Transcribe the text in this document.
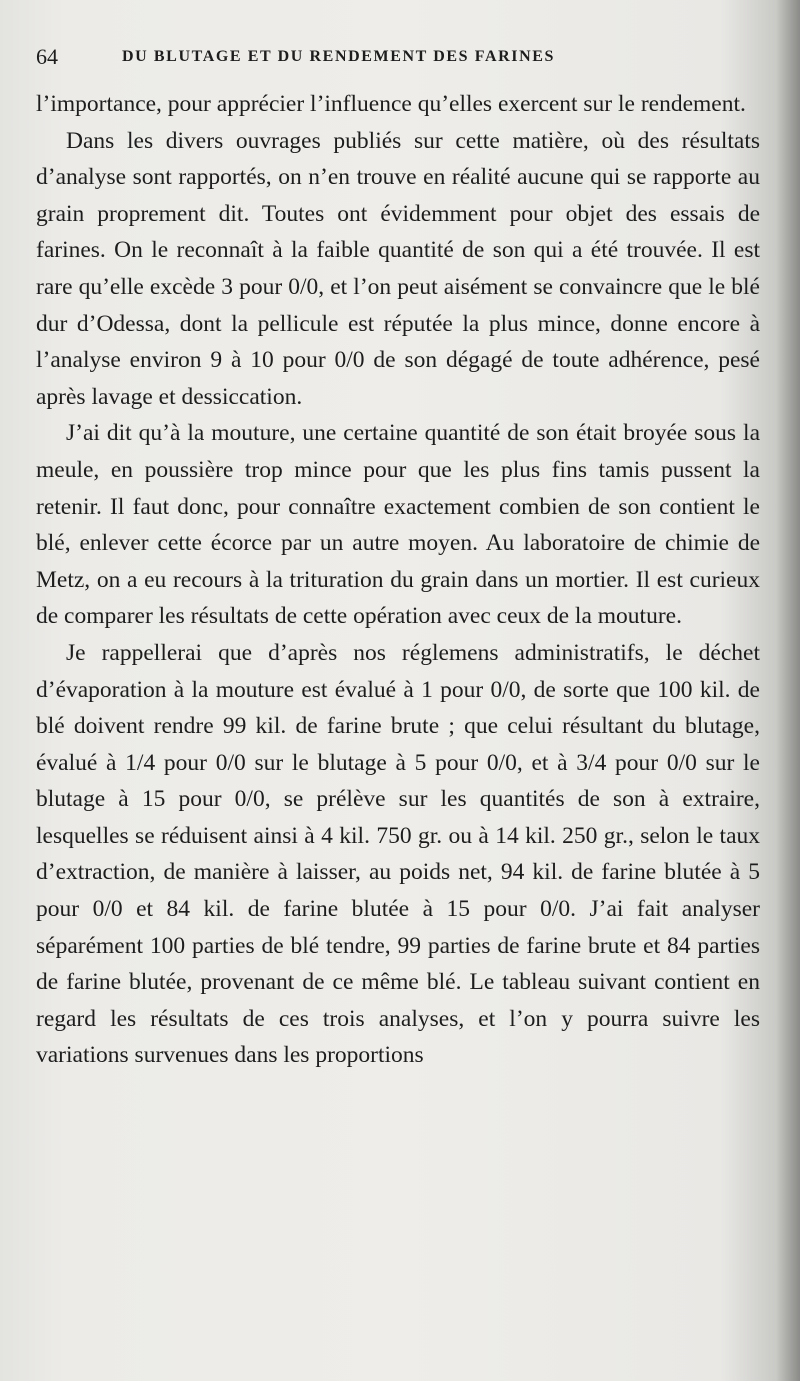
64	DU BLUTAGE ET DU RENDEMENT DES FARINES

l’importance, pour apprécier l’influence qu’elles exercent sur le rendement.

Dans les divers ouvrages publiés sur cette matière, où des résultats d’analyse sont rapportés, on n’en trouve en réalité aucune qui se rapporte au grain proprement dit. Toutes ont évidemment pour objet des essais de farines. On le reconnaît à la faible quantité de son qui a été trouvée. Il est rare qu’elle excède 3 pour 0/0, et l’on peut aisément se convaincre que le blé dur d’Odessa, dont la pellicule est réputée la plus mince, donne encore à l’analyse environ 9 à 10 pour 0/0 de son dégagé de toute adhérence, pesé après lavage et dessiccation.

J’ai dit qu’à la mouture, une certaine quantité de son était broyée sous la meule, en poussière trop mince pour que les plus fins tamis pussent la retenir. Il faut donc, pour connaître exactement combien de son contient le blé, enlever cette écorce par un autre moyen. Au laboratoire de chimie de Metz, on a eu recours à la trituration du grain dans un mortier. Il est curieux de comparer les résultats de cette opération avec ceux de la mouture.

Je rappellerai que d’après nos réglemens administratifs, le déchet d’évaporation à la mouture est évalué à 1 pour 0/0, de sorte que 100 kil. de blé doivent rendre 99 kil. de farine brute ; que celui résultant du blutage, évalué à 1/4 pour 0/0 sur le blutage à 5 pour 0/0, et à 3/4 pour 0/0 sur le blutage à 15 pour 0/0, se prélève sur les quantités de son à extraire, lesquelles se réduisent ainsi à 4 kil. 750 gr. ou à 14 kil. 250 gr., selon le taux d’extraction, de manière à laisser, au poids net, 94 kil. de farine blutée à 5 pour 0/0 et 84 kil. de farine blutée à 15 pour 0/0. J’ai fait analyser séparément 100 parties de blé tendre, 99 parties de farine brute et 84 parties de farine blutée, provenant de ce même blé. Le tableau suivant contient en regard les résultats de ces trois analyses, et l’on y pourra suivre les variations survenues dans les proportions
